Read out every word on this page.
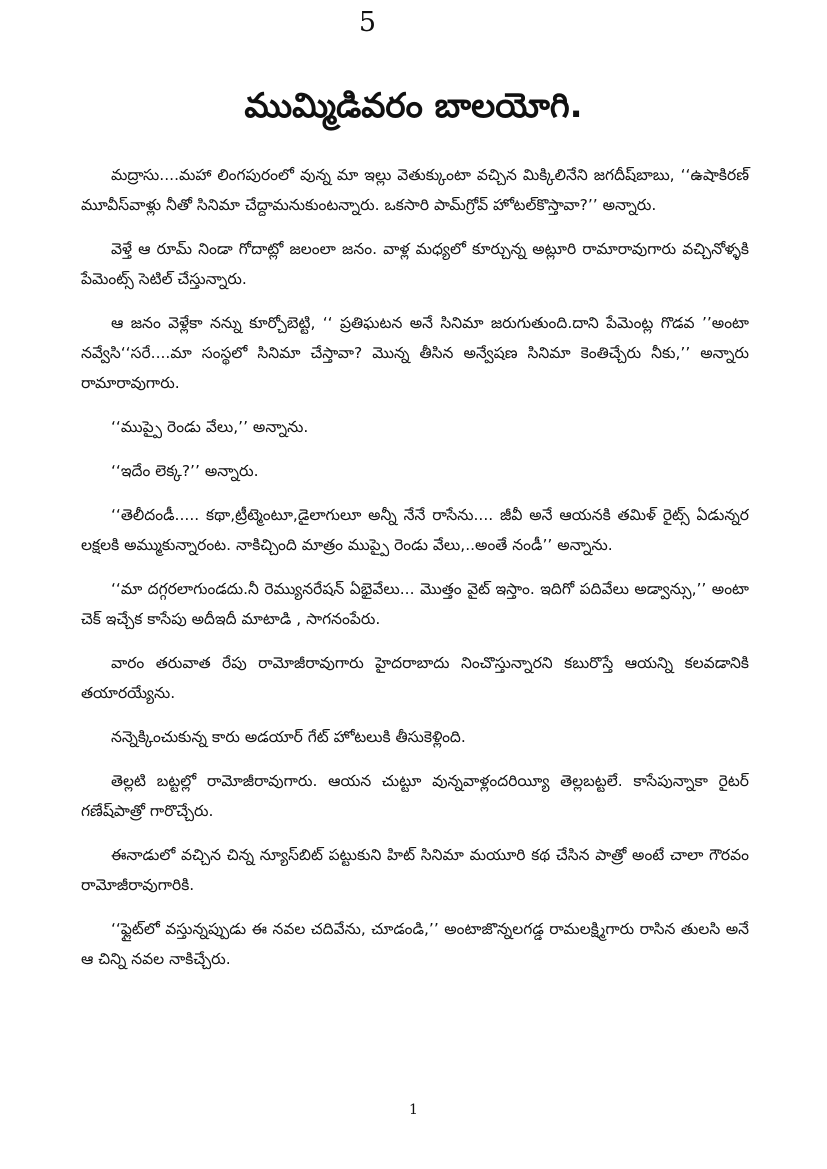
5
ముమ్మిడివరం బాలయోగి.

మద్రాసు....మహా లింగపురంలో వున్న మా ఇల్లు వెతుక్కుంటా వచ్చిన మిక్కిలినేని జగదీష్‌బాబు, ‘‘ఉషాకిరణ్ మూవీస్‌వాళ్లు నీతో సినిమా చేద్దామనుకుంటన్నారు. ఒకసారి పామ్‌గ్రోవ్ హోటల్‌కొస్తావా?’’ అన్నారు.

వెళ్తే ఆ రూమ్ నిండా గోదాట్లో జలంలా జనం. వాళ్ల మధ్యలో కూర్చున్న అట్లూరి రామారావుగారు వచ్చినోళ్ళకి పేమెంట్స్ సెటిల్ చేస్తున్నారు.

ఆ జనం వెళ్లేకా నన్ను కూర్చోబెట్టి, ‘‘ ప్రతిఘటన అనే సినిమా జరుగుతుంది.దాని పేమెంట్ల గొడవ ’’అంటా నవ్వేసి‘‘సరే....మా సంస్థలో సినిమా చేస్తావా? మొన్న తీసిన అన్వేషణ సినిమా కెంతిచ్చేరు నీకు,’’ అన్నారు రామారావుగారు.

‘‘ముప్పై రెండు వేలు,’’ అన్నాను.

‘‘ఇదేం లెక్క?’’ అన్నారు.

‘‘తెలీదండీ..... కథా,ట్రీట్మెంటూ,డైలాగులూ అన్నీ నేనే రాసేను.... జీవీ అనే ఆయనకి తమిళ్ రైట్స్ ఏడున్నర లక్షలకి అమ్ముకున్నారంట. నాకిచ్చింది మాత్రం ముప్పై రెండు వేలు,..అంతే నండీ’’ అన్నాను.

‘‘మా దగ్గరలాగుండదు.నీ రెమ్యునరేషన్ ఏభైవేలు... మొత్తం వైట్ ఇస్తాం. ఇదిగో పదివేలు అడ్వాన్సు,’’ అంటా చెక్ ఇచ్చేక కాసేపు అదీఇదీ మాటాడి , సాగనంపేరు.

వారం తరువాత రేపు రామోజీరావుగారు హైదరాబాదు నించొస్తున్నారని కబురొస్తే ఆయన్ని కలవడానికి తయారయ్యేను.

నన్నెక్కించుకున్న కారు అడయార్ గేట్ హోటలుకి తీసుకెళ్లింది.

తెల్లటి బట్టల్లో రామోజీరావుగారు. ఆయన చుట్టూ వున్నవాళ్లందరియ్యీ తెల్లబట్టలే. కాసేపున్నాకా రైటర్ గణేష్‌పాత్రో గారొచ్చేరు.

ఈనాడులో వచ్చిన చిన్న న్యూస్‌బిట్ పట్టుకుని హిట్ సినిమా మయూరి కథ చేసిన పాత్రో అంటే చాలా గౌరవం రామోజీరావుగారికి.

‘‘ఫ్లైట్‌లో వస్తున్నప్పుడు ఈ నవల చదివేను, చూడండి,’’ అంటాజొన్నలగడ్డ రామలక్ష్మిగారు రాసిన తులసి అనే ఆ చిన్ని నవల నాకిచ్చేరు.

1
